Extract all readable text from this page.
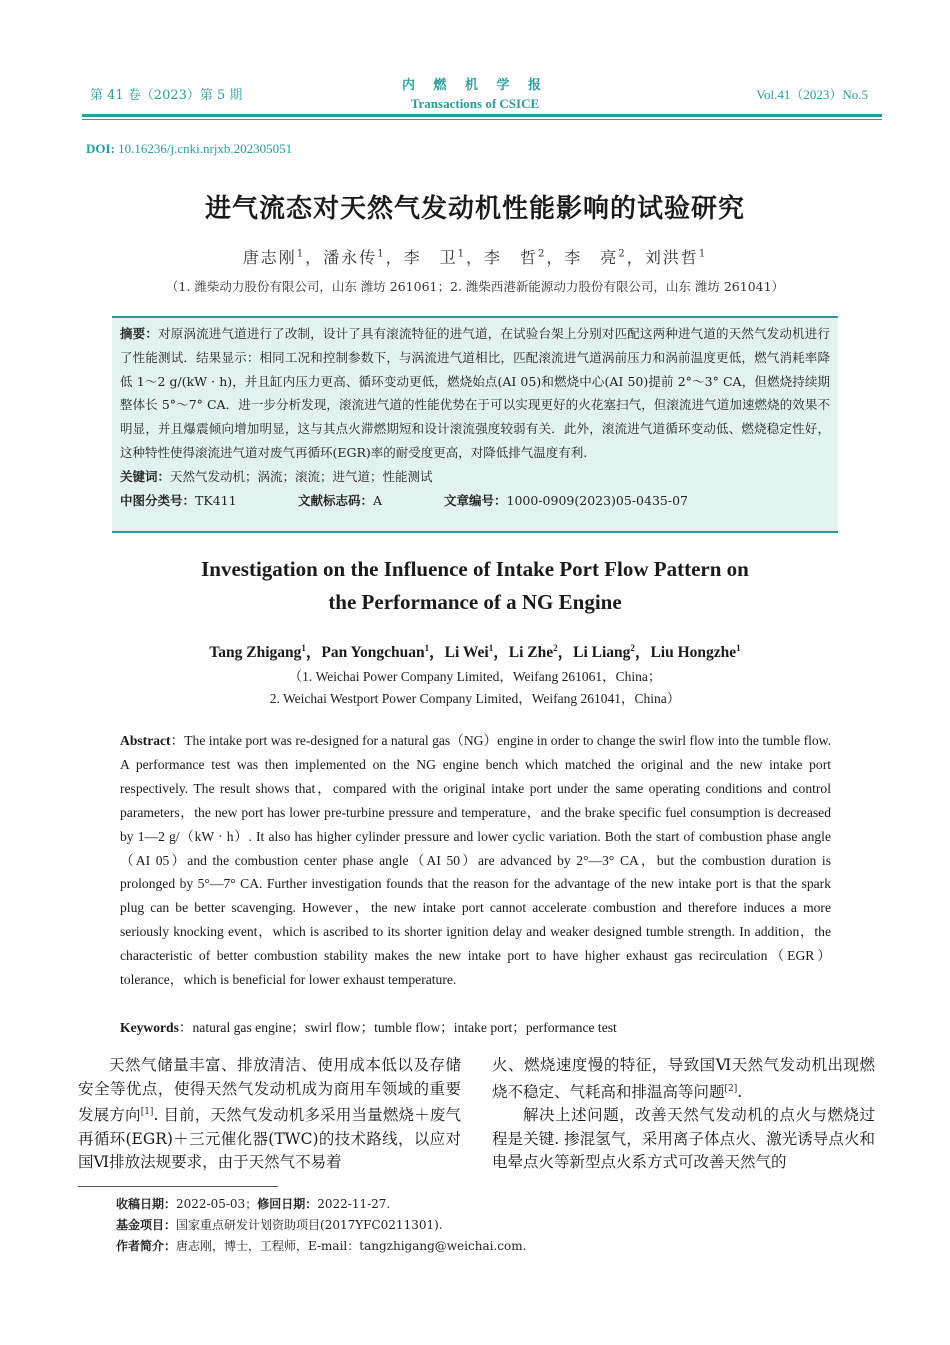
第 41 卷（2023）第 5 期
内 燃 机 学 报
Transactions of CSICE
Vol.41（2023）No.5
DOI: 10.16236/j.cnki.nrjxb.202305051
进气流态对天然气发动机性能影响的试验研究
唐志刚$^1$，潘永传$^1$，李　卫$^1$，李　哲$^2$，李　亮$^2$，刘洪哲$^1$
（1. 潍柴动力股份有限公司，山东 潍坊 261061；2. 潍柴西港新能源动力股份有限公司，山东 潍坊 261041）
摘要：对原涡流进气道进行了改制，设计了具有滚流特征的进气道，在试验台架上分别对匹配这两种进气道的天然气发动机进行了性能测试．结果显示：相同工况和控制参数下，与涡流进气道相比，匹配滚流进气道涡前压力和涡前温度更低，燃气消耗率降低 1～2 g/(kW · h)，并且缸内压力更高、循环变动更低，燃烧始点(AI 05)和燃烧中心(AI 50)提前 2°～3° CA，但燃烧持续期整体长 5°～7° CA．进一步分析发现，滚流进气道的性能优势在于可以实现更好的火花塞扫气，但滚流进气道加速燃烧的效果不明显，并且爆震倾向增加明显，这与其点火滞燃期短和设计滚流强度较弱有关．此外，滚流进气道循环变动低、燃烧稳定性好，这种特性使得滚流进气道对废气再循环(EGR)率的耐受度更高，对降低排气温度有利.
关键词：天然气发动机；涡流；滚流；进气道；性能测试
中图分类号：TK411	文献标志码：A	文章编号：1000-0909(2023)05-0435-07
Investigation on the Influence of Intake Port Flow Pattern on
the Performance of a NG Engine
Tang Zhigang$^1$，Pan Yongchuan$^1$，Li Wei$^1$，Li Zhe$^2$，Li Liang$^2$，Liu Hongzhe$^1$
（1. Weichai Power Company Limited，Weifang 261061，China；
2. Weichai Westport Power Company Limited，Weifang 261041，China）
Abstract：The intake port was re-designed for a natural gas（NG）engine in order to change the swirl flow into the tumble flow. A performance test was then implemented on the NG engine bench which matched the original and the new intake port respectively. The result shows that，compared with the original intake port under the same operating conditions and control parameters，the new port has lower pre-turbine pressure and temperature，and the brake specific fuel consumption is decreased by 1—2 g/（kW · h）. It also has higher cylinder pressure and lower cyclic variation. Both the start of combustion phase angle（AI 05）and the combustion center phase angle（AI 50）are advanced by 2°—3° CA，but the combustion duration is prolonged by 5°—7° CA. Further investigation founds that the reason for the advantage of the new intake port is that the spark plug can be better scavenging. However，the new intake port cannot accelerate combustion and therefore induces a more seriously knocking event，which is ascribed to its shorter ignition delay and weaker designed tumble strength. In addition，the characteristic of better combustion stability makes the new intake port to have higher exhaust gas recirculation（EGR）tolerance，which is beneficial for lower exhaust temperature.
Keywords：natural gas engine；swirl flow；tumble flow；intake port；performance test

天然气储量丰富、排放清洁、使用成本低以及存储安全等优点，使得天然气发动机成为商用车领域的重要发展方向[1]. 目前，天然气发动机多采用当量燃烧＋废气再循环(EGR)＋三元催化器(TWC)的技术路线，以应对国Ⅵ排放法规要求，由于天然气不易着

火、燃烧速度慢的特征，导致国Ⅵ天然气发动机出现燃烧不稳定、气耗高和排温高等问题[2].

解决上述问题，改善天然气发动机的点火与燃烧过程是关键. 掺混氢气，采用离子体点火、激光诱导点火和电晕点火等新型点火系方式可改善天然气的

收稿日期：2022-05-03；修回日期：2022-11-27.
基金项目：国家重点研发计划资助项目(2017YFC0211301).
作者简介：唐志刚，博士，工程师，E-mail：tangzhigang@weichai.com.
